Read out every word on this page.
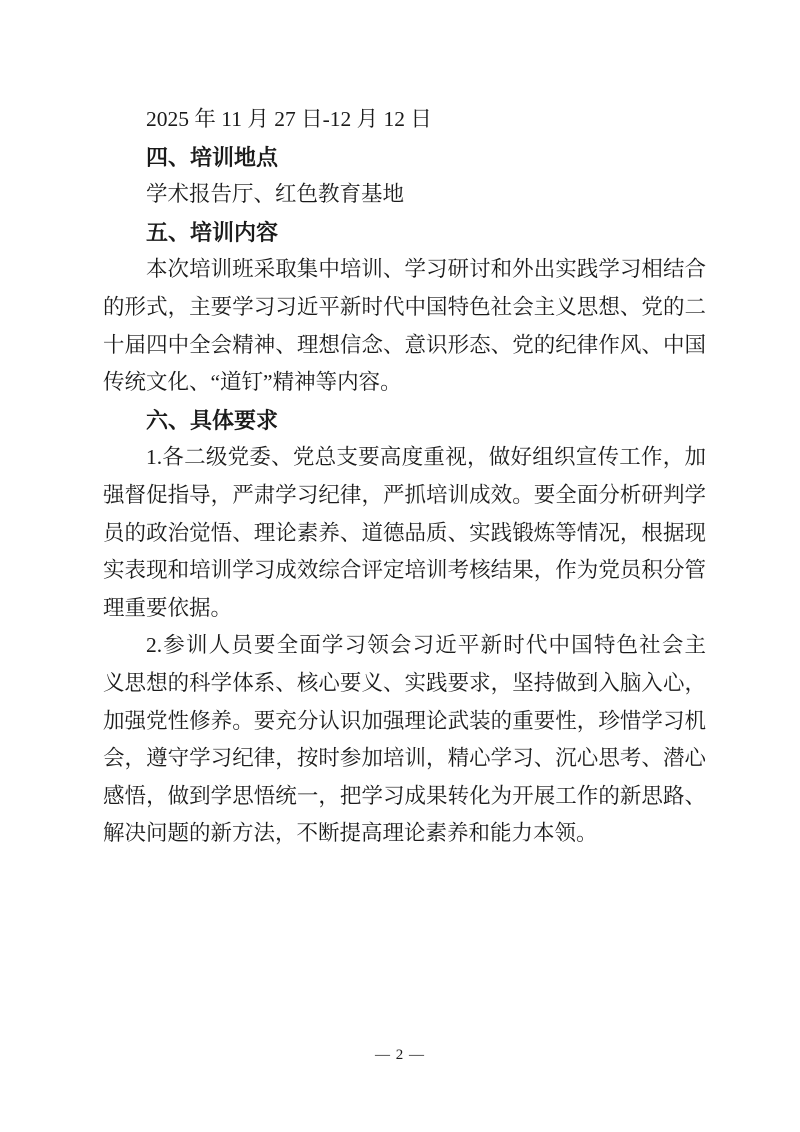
2025 年 11 月 27 日-12 月 12 日
四、培训地点
学术报告厅、红色教育基地
五、培训内容
本次培训班采取集中培训、学习研讨和外出实践学习相结合
的形式，主要学习习近平新时代中国特色社会主义思想、党的二
十届四中全会精神、理想信念、意识形态、党的纪律作风、中国
传统文化、“道钉”精神等内容。
六、具体要求
1.各二级党委、党总支要高度重视，做好组织宣传工作，加
强督促指导，严肃学习纪律，严抓培训成效。要全面分析研判学
员的政治觉悟、理论素养、道德品质、实践锻炼等情况，根据现
实表现和培训学习成效综合评定培训考核结果，作为党员积分管
理重要依据。
2.参训人员要全面学习领会习近平新时代中国特色社会主
义思想的科学体系、核心要义、实践要求，坚持做到入脑入心，
加强党性修养。要充分认识加强理论武装的重要性，珍惜学习机
会，遵守学习纪律，按时参加培训，精心学习、沉心思考、潜心
感悟，做到学思悟统一，把学习成果转化为开展工作的新思路、
解决问题的新方法，不断提高理论素养和能力本领。
— 2 —
